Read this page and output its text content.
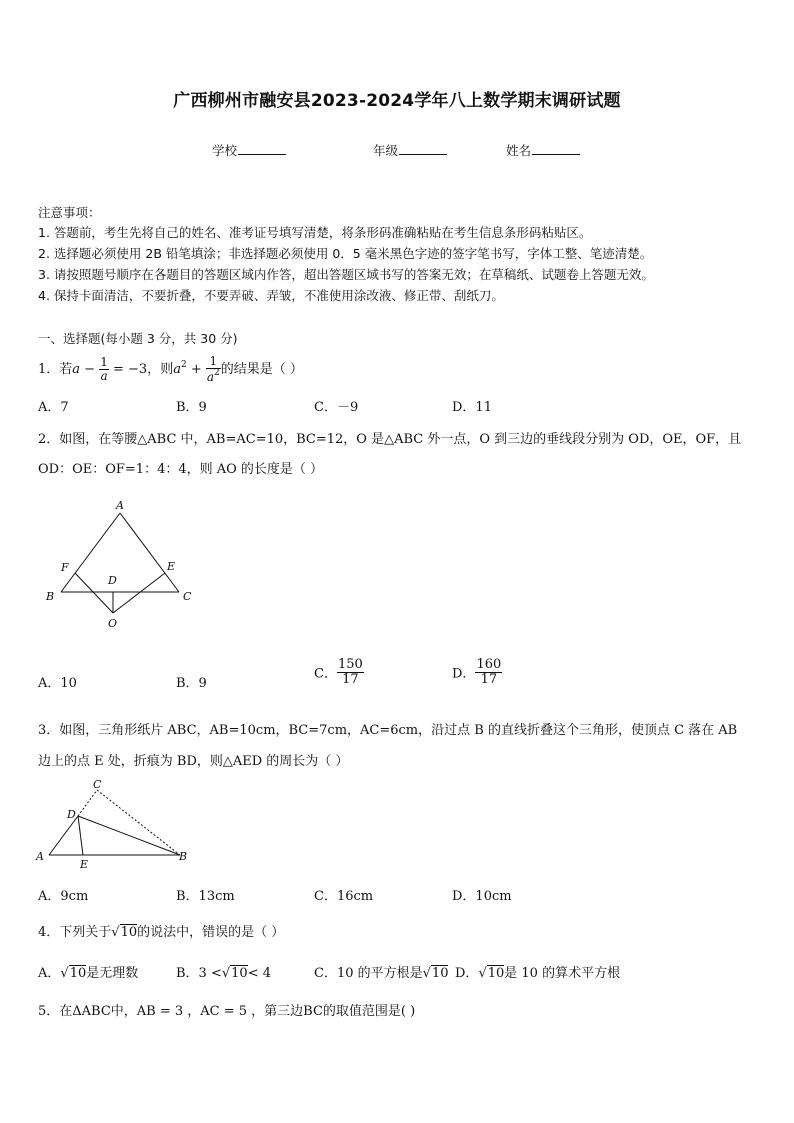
广西柳州市融安县2023-2024学年八上数学期末调研试题
学校	年级	姓名
注意事项：
1. 答题前，考生先将自己的姓名、准考证号填写清楚，将条形码准确粘贴在考生信息条形码粘贴区。
2. 选择题必须使用 2B 铅笔填涂；非选择题必须使用 0．5 毫米黑色字迹的签字笔书写，字体工整、笔迹清楚。
3. 请按照题号顺序在各题目的答题区域内作答，超出答题区域书写的答案无效；在草稿纸、试题卷上答题无效。
4. 保持卡面清洁，不要折叠，不要弄破、弄皱，不准使用涂改液、修正带、刮纸刀。
一、选择题(每小题 3 分，共 30 分)
1．若$a - \frac{1}{a} = -3$，则$a^2 + \frac{1}{a^2}$ 的结果是（ ）
A．7	B．9	C．－9	D．11
2．如图，在等腰△ABC 中，AB=AC=10，BC=12，O 是△ABC 外一点，O 到三边的垂线段分别为 OD，OE，OF，且
OD：OE：OF=1：4：4，则 AO 的长度是（ ）
A
B	C
D
E
F
O
A．10	B．9
C． $\frac{150}{17}$	D． $\frac{160}{17}$
3．如图，三角形纸片 ABC，AB=10cm，BC=7cm，AC=6cm，沿过点 B 的直线折叠这个三角形，使顶点 C 落在 AB
边上的点 E 处，折痕为 BD，则△AED 的周长为（ ）
A	B
C
D
E
A．9cm	B．13cm	C．16cm	D．10cm
4．下列关于√10的说法中，错误的是（ ）
A．√10是无理数	B．3 <√10< 4	C．10 的平方根是√10 D．√10是 10 的算术平方根
5．在ΔABC中，AB = 3 ，AC = 5 ，第三边BC的取值范围是( )
